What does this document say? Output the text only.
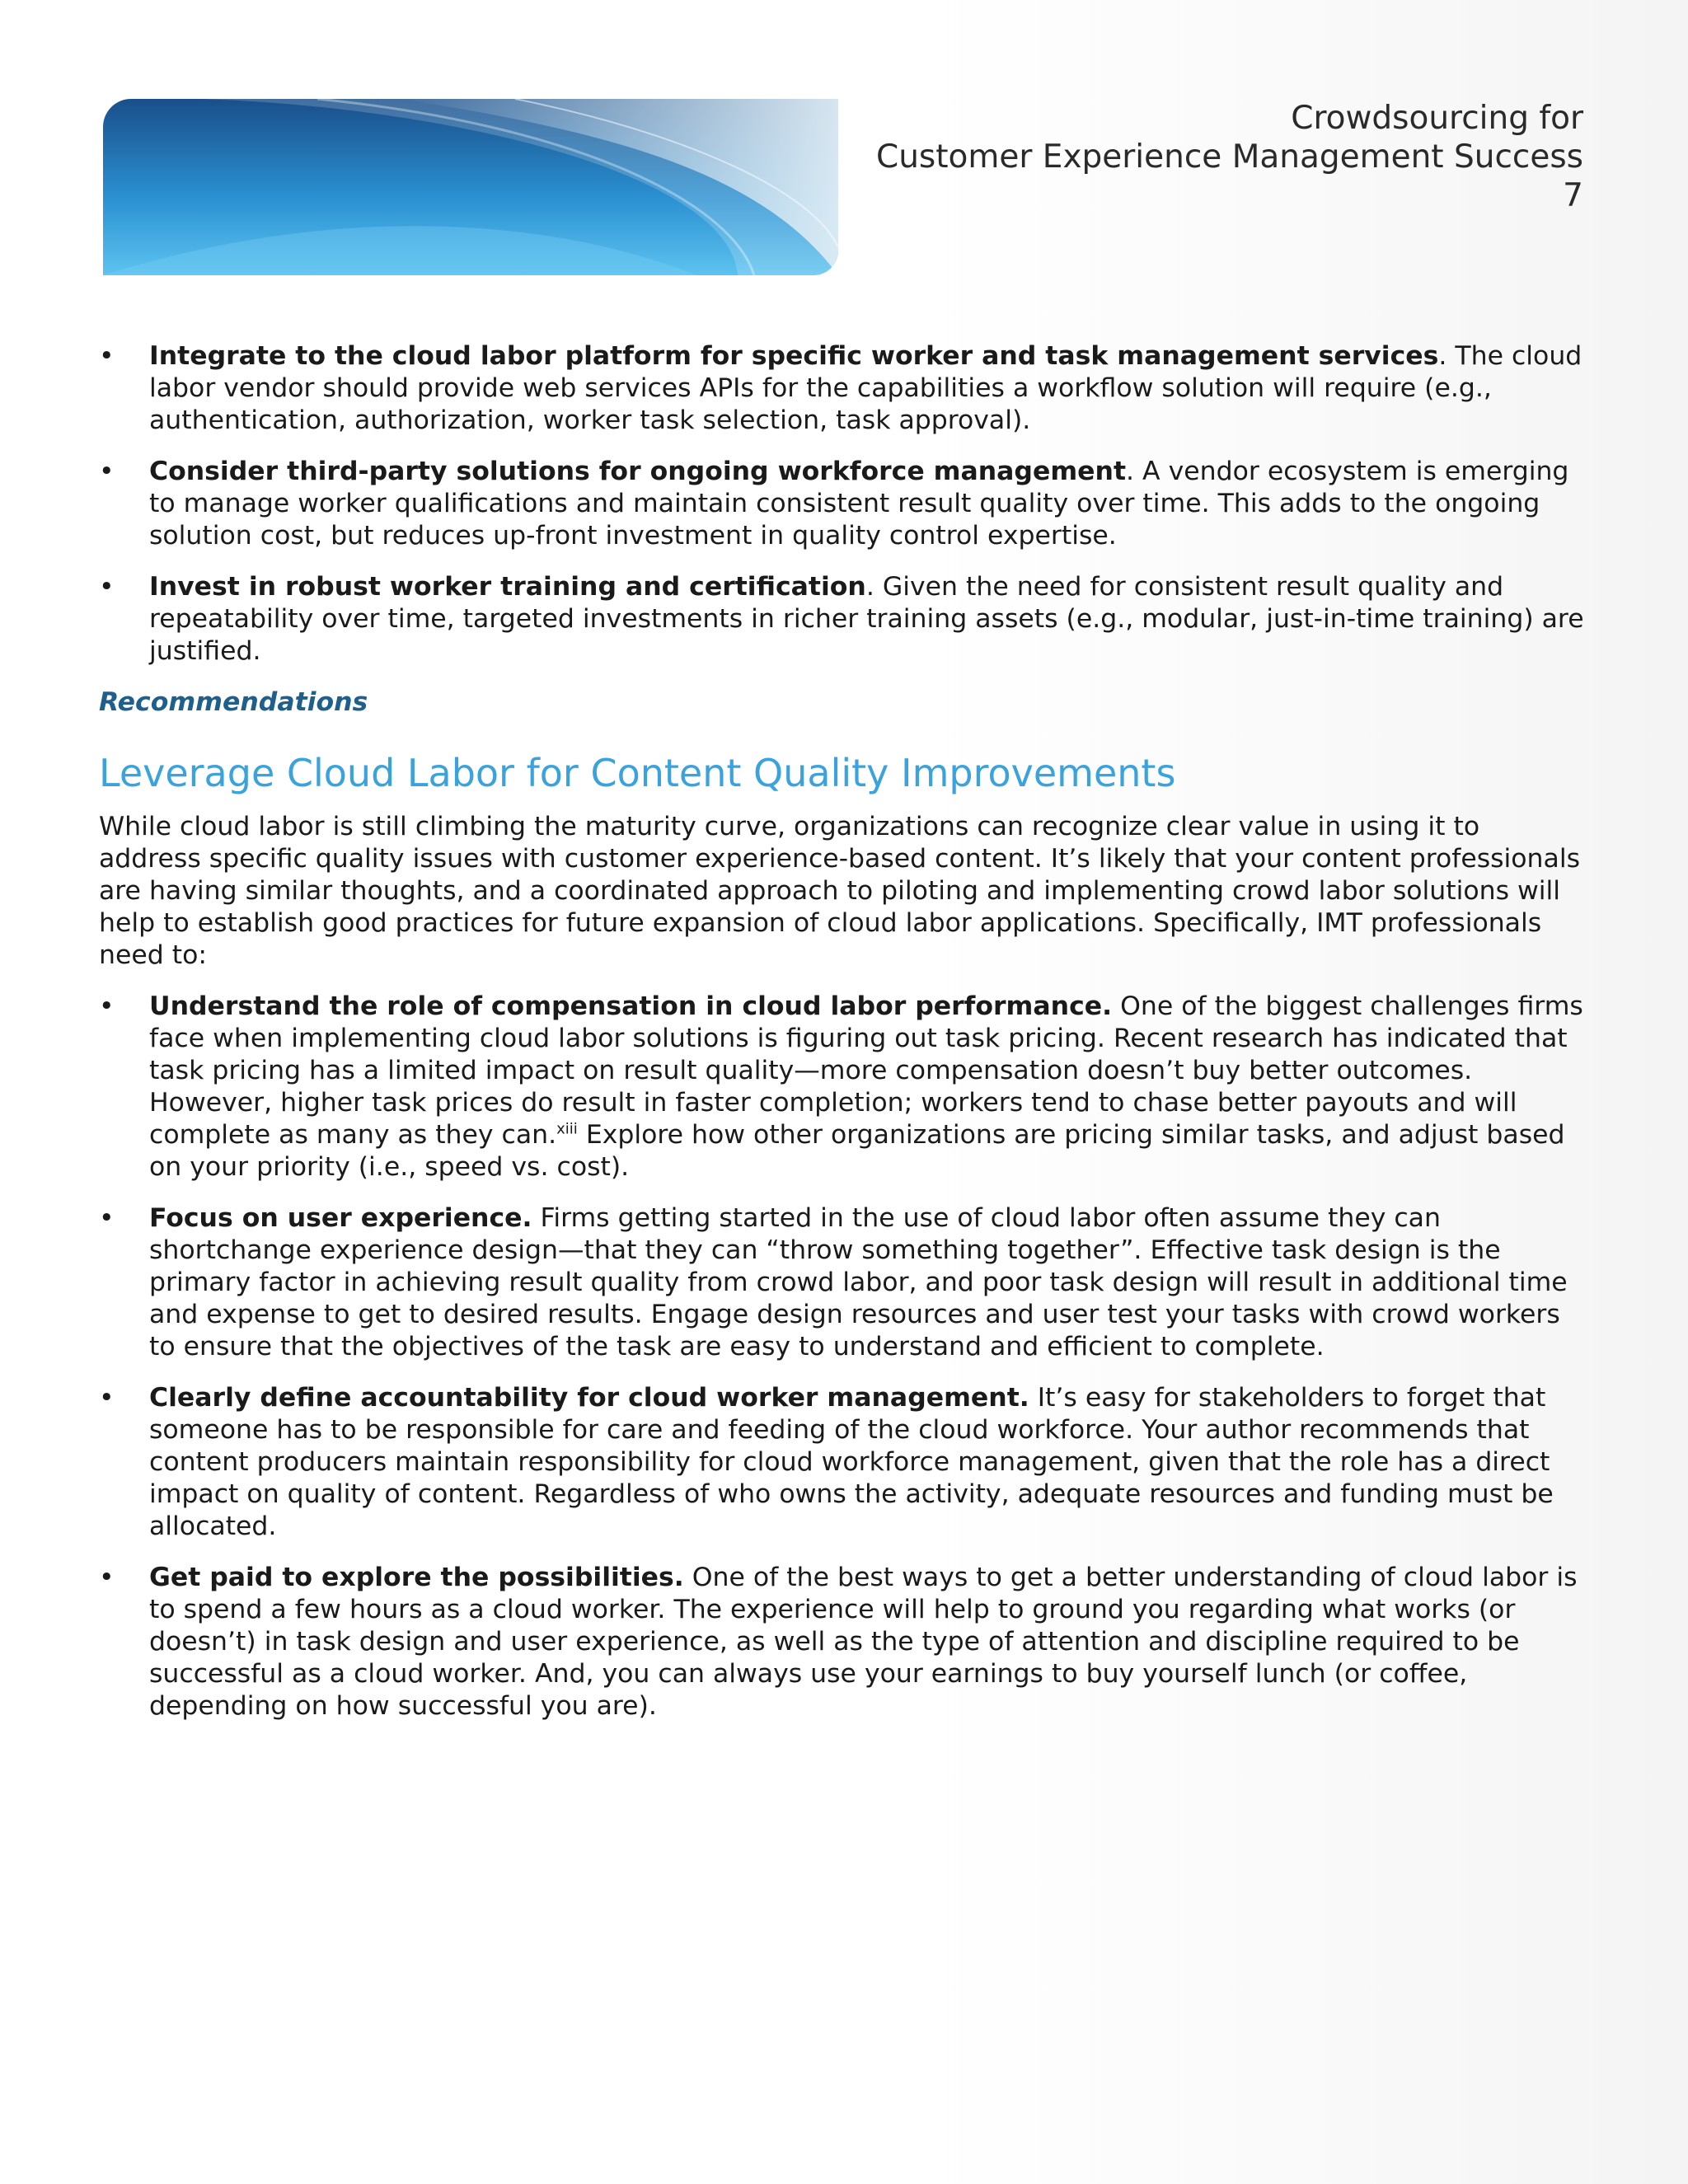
Crowdsourcing for
Customer Experience Management Success
7
•	Integrate to the cloud labor platform for specific worker and task management services. The cloud labor vendor should provide web services APIs for the capabilities a workflow solution will require (e.g., authentication, authorization, worker task selection, task approval).
•	Consider third-party solutions for ongoing workforce management. A vendor ecosystem is emerging to manage worker qualifications and maintain consistent result quality over time. This adds to the ongoing solution cost, but reduces up-front investment in quality control expertise.
•	Invest in robust worker training and certification. Given the need for consistent result quality and repeatability over time, targeted investments in richer training assets (e.g., modular, just-in-time training) are justified.
Recommendations
Leverage Cloud Labor for Content Quality Improvements

While cloud labor is still climbing the maturity curve, organizations can recognize clear value in using it to address specific quality issues with customer experience-based content. It’s likely that your content professionals are having similar thoughts, and a coordinated approach to piloting and implementing crowd labor solutions will help to establish good practices for future expansion of cloud labor applications. Specifically, IMT professionals need to:

•	Understand the role of compensation in cloud labor performance. One of the biggest challenges firms face when implementing cloud labor solutions is figuring out task pricing. Recent research has indicated that task pricing has a limited impact on result quality—more compensation doesn’t buy better outcomes. However, higher task prices do result in faster completion; workers tend to chase better payouts and will complete as many as they can.$^{xiii}$ Explore how other organizations are pricing similar tasks, and adjust based on your priority (i.e., speed vs. cost).
•	Focus on user experience. Firms getting started in the use of cloud labor often assume they can shortchange experience design—that they can “throw something together”. Effective task design is the primary factor in achieving result quality from crowd labor, and poor task design will result in additional time and expense to get to desired results. Engage design resources and user test your tasks with crowd workers to ensure that the objectives of the task are easy to understand and efficient to complete.
•	Clearly define accountability for cloud worker management. It’s easy for stakeholders to forget that someone has to be responsible for care and feeding of the cloud workforce. Your author recommends that content producers maintain responsibility for cloud workforce management, given that the role has a direct impact on quality of content. Regardless of who owns the activity, adequate resources and funding must be allocated.
•	Get paid to explore the possibilities. One of the best ways to get a better understanding of cloud labor is to spend a few hours as a cloud worker. The experience will help to ground you regarding what works (or doesn’t) in task design and user experience, as well as the type of attention and discipline required to be successful as a cloud worker. And, you can always use your earnings to buy yourself lunch (or coffee, depending on how successful you are).
